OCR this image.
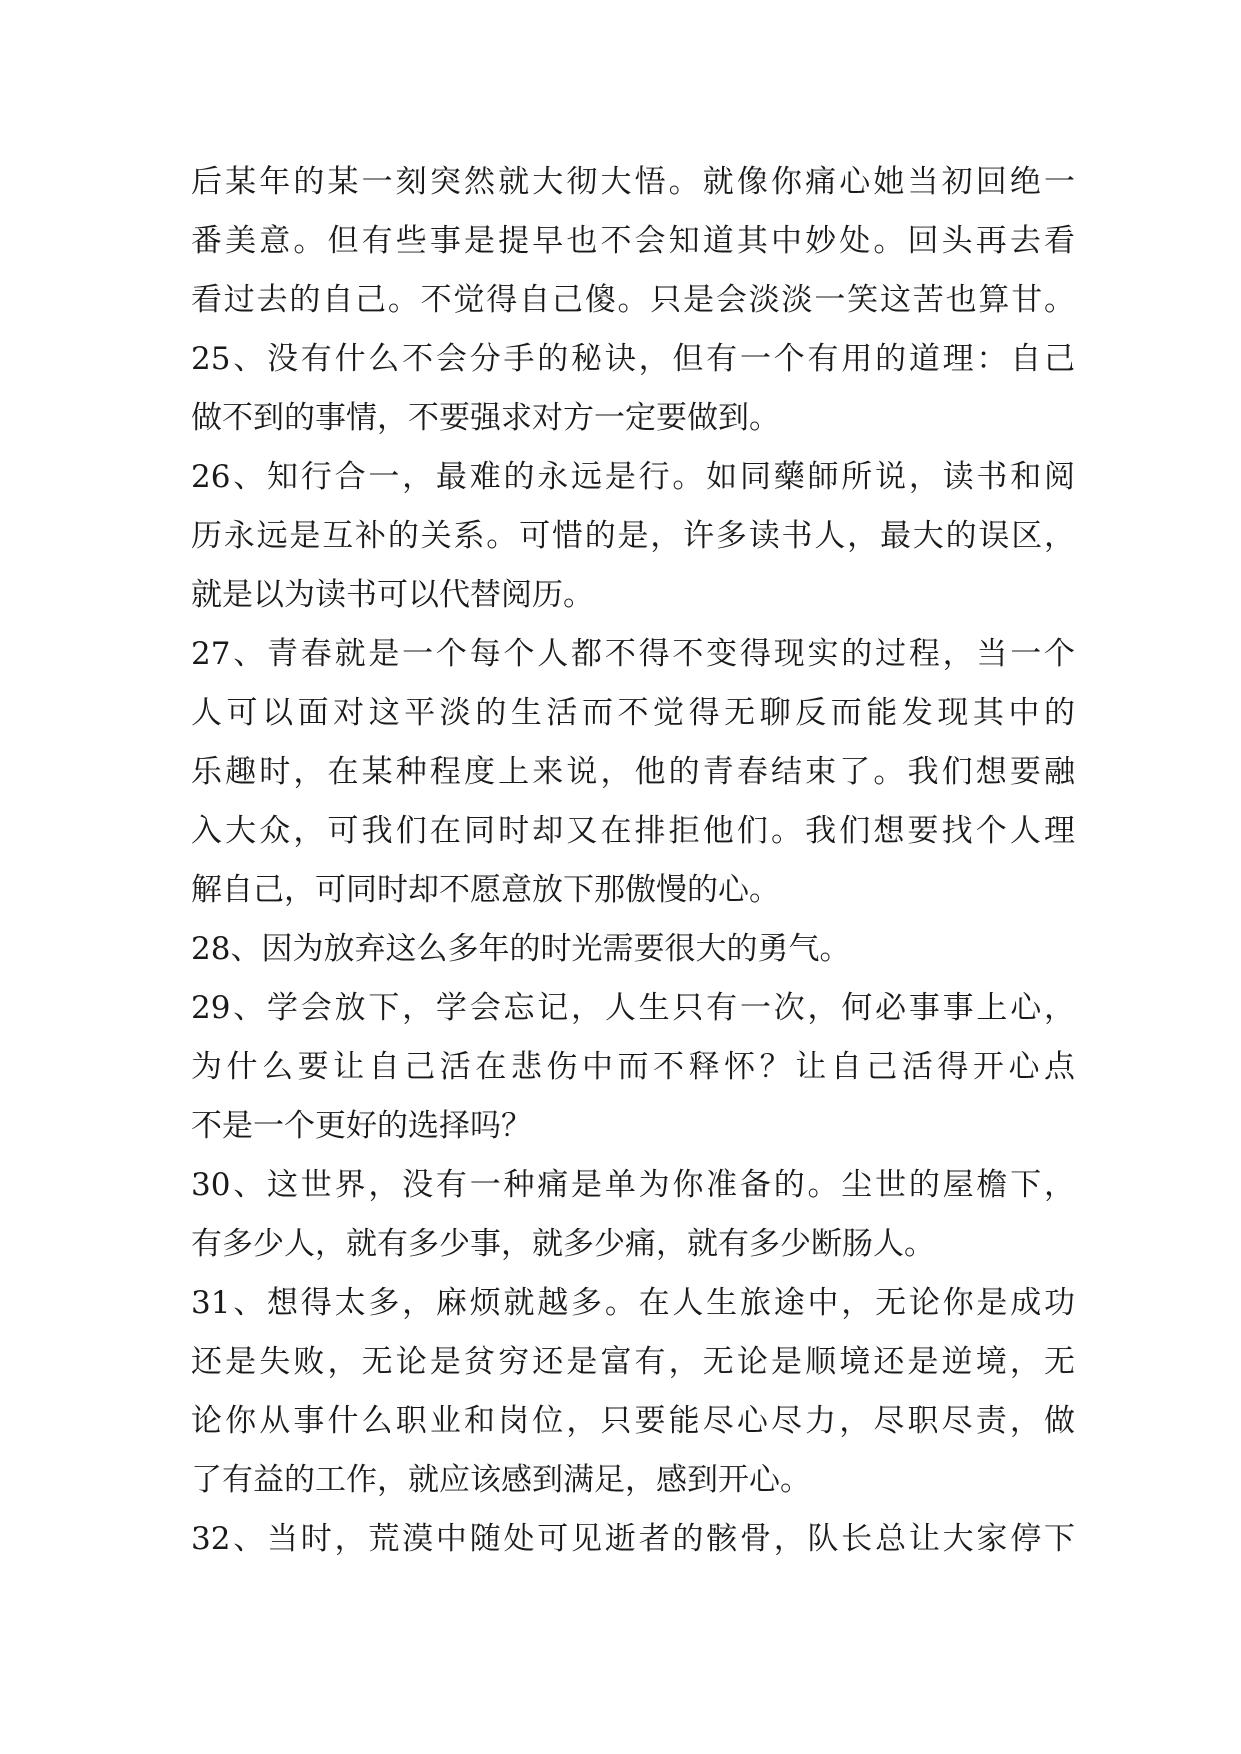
后某年的某一刻突然就大彻大悟。就像你痛心她当初回绝一
番美意。但有些事是提早也不会知道其中妙处。回头再去看
看过去的自己。不觉得自己傻。只是会淡淡一笑这苦也算甘。
25、没有什么不会分手的秘诀，但有一个有用的道理：自己
做不到的事情，不要强求对方一定要做到。
26、知行合一，最难的永远是行。如同藥師所说，读书和阅
历永远是互补的关系。可惜的是，许多读书人，最大的误区，
就是以为读书可以代替阅历。
27、青春就是一个每个人都不得不变得现实的过程，当一个
人可以面对这平淡的生活而不觉得无聊反而能发现其中的
乐趣时，在某种程度上来说，他的青春结束了。我们想要融
入大众，可我们在同时却又在排拒他们。我们想要找个人理
解自己，可同时却不愿意放下那傲慢的心。
28、因为放弃这么多年的时光需要很大的勇气。
29、学会放下，学会忘记，人生只有一次，何必事事上心，
为什么要让自己活在悲伤中而不释怀？让自己活得开心点
不是一个更好的选择吗？
30、这世界，没有一种痛是单为你准备的。尘世的屋檐下，
有多少人，就有多少事，就多少痛，就有多少断肠人。
31、想得太多，麻烦就越多。在人生旅途中，无论你是成功
还是失败，无论是贫穷还是富有，无论是顺境还是逆境，无
论你从事什么职业和岗位，只要能尽心尽力，尽职尽责，做
了有益的工作，就应该感到满足，感到开心。
32、当时，荒漠中随处可见逝者的骸骨，队长总让大家停下
